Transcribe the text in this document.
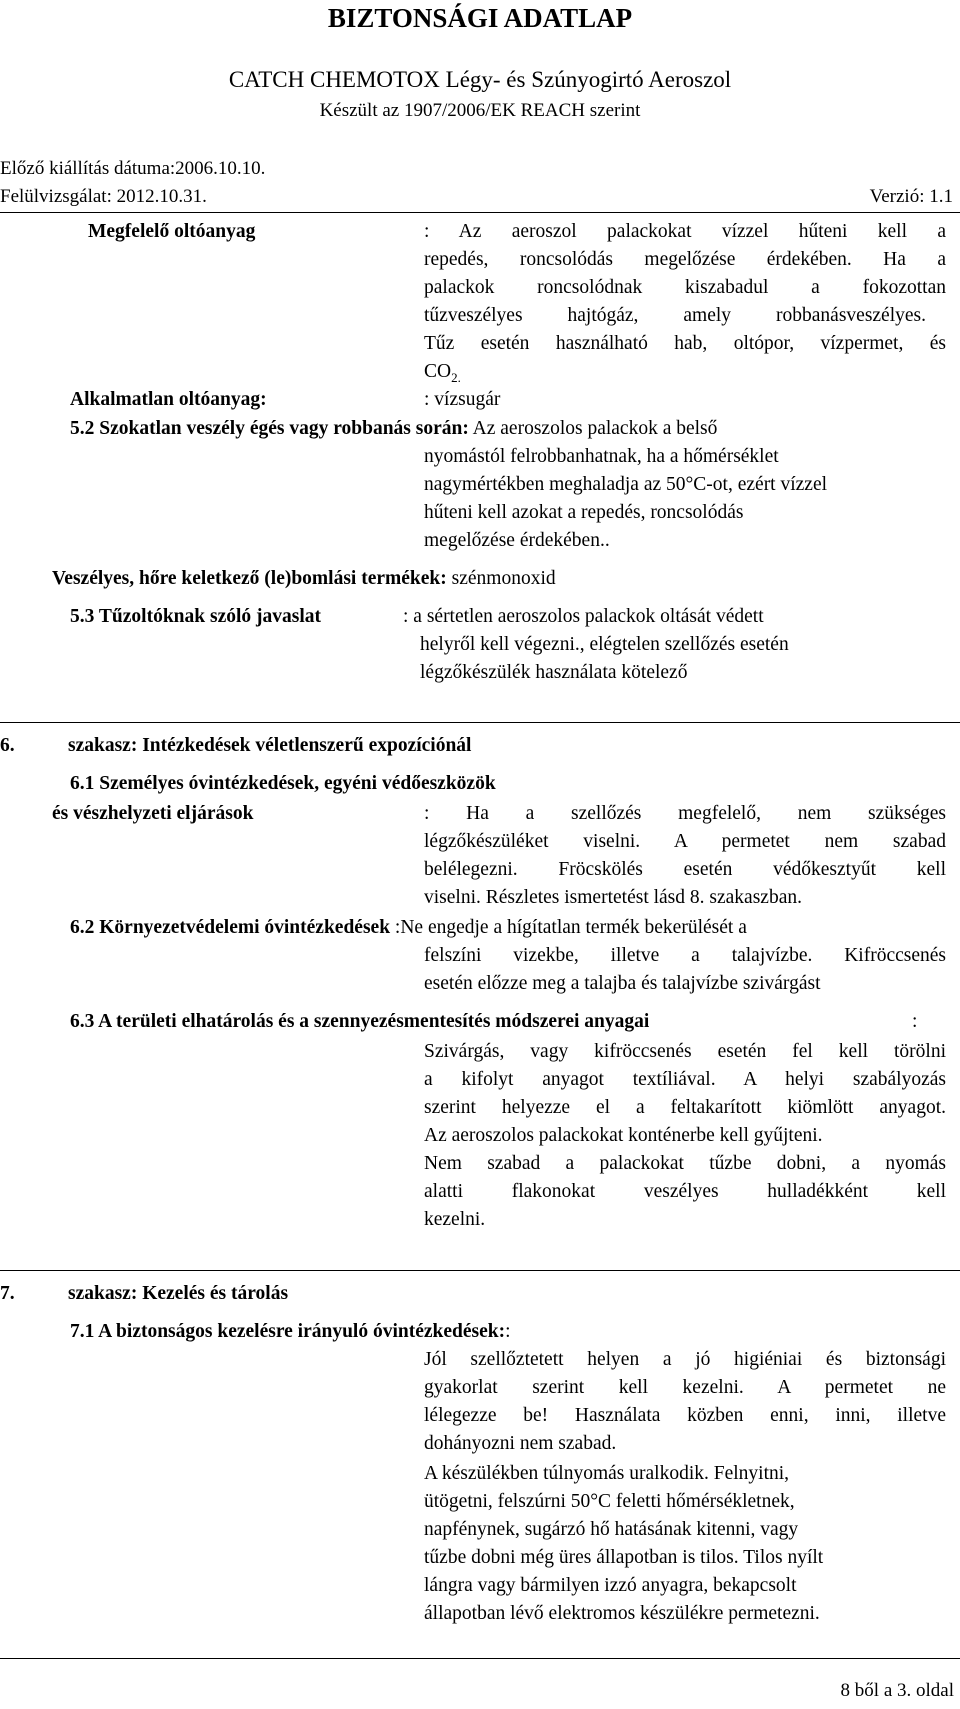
BIZTONSÁGI ADATLAP
CATCH CHEMOTOX Légy- és Szúnyogirtó Aeroszol
Készült az 1907/2006/EK REACH szerint
Előző kiállítás dátuma:2006.10.10.
Felülvizsgálat: 2012.10.31.	Verzió: 1.1
Megfelelő oltóanyag	: Az aeroszol palackokat vízzel hűteni kell a
repedés, roncsolódás megelőzése érdekében. Ha a
palackok roncsolódnak kiszabadul a fokozottan
tűzveszélyes hajtógáz, amely robbanásveszélyes.
Tűz esetén használható hab, oltópor, vízpermet, és
$CO_{2.}$
Alkalmatlan oltóanyag:	: vízsugár
5.2 Szokatlan veszély égés vagy robbanás során: Az aeroszolos palackok a belső
nyomástól felrobbanhatnak, ha a hőmérséklet
nagymértékben meghaladja az 50°C-ot, ezért vízzel
hűteni kell azokat a repedés, roncsolódás
megelőzése érdekében..
Veszélyes, hőre keletkező (le)bomlási termékek: szénmonoxid
5.3 Tűzoltóknak szóló javaslat	: a sértetlen aeroszolos palackok oltását védett
helyről kell végezni., elégtelen szellőzés esetén
légzőkészülék használata kötelező
6.	szakasz: Intézkedések véletlenszerű expozíciónál
6.1 Személyes óvintézkedések, egyéni védőeszközök
és vészhelyzeti eljárások	: Ha a szellőzés megfelelő, nem szükséges
légzőkészüléket viselni. A permetet nem szabad
belélegezni. Fröcskölés esetén védőkesztyűt kell
viselni. Részletes ismertetést lásd 8. szakaszban.
6.2 Környezetvédelemi óvintézkedések :Ne engedje a hígítatlan termék bekerülését a
felszíni vizekbe, illetve a talajvízbe. Kifröccsenés
esetén előzze meg a talajba és talajvízbe szivárgást
6.3 A területi elhatárolás és a szennyezésmentesítés módszerei anyagai	:
Szivárgás, vagy kifröccsenés esetén fel kell törölni
a kifolyt anyagot textíliával. A helyi szabályozás
szerint helyezze el a feltakarított kiömlött anyagot.
Az aeroszolos palackokat konténerbe kell gyűjteni.
Nem szabad a palackokat tűzbe dobni, a nyomás
alatti flakonokat veszélyes hulladékként kell
kezelni.
7.	szakasz: Kezelés és tárolás
7.1 A biztonságos kezelésre irányuló óvintézkedések::
Jól szellőztetett helyen a jó higiéniai és biztonsági
gyakorlat szerint kell kezelni. A permetet ne
lélegezze be! Használata közben enni, inni, illetve
dohányozni nem szabad.
A készülékben túlnyomás uralkodik. Felnyitni,
ütögetni, felszúrni 50°C feletti hőmérsékletnek,
napfénynek, sugárzó hő hatásának kitenni, vagy
tűzbe dobni még üres állapotban is tilos. Tilos nyílt
lángra vagy bármilyen izzó anyagra, bekapcsolt
állapotban lévő elektromos készülékre permetezni.
8 ből a 3. oldal
